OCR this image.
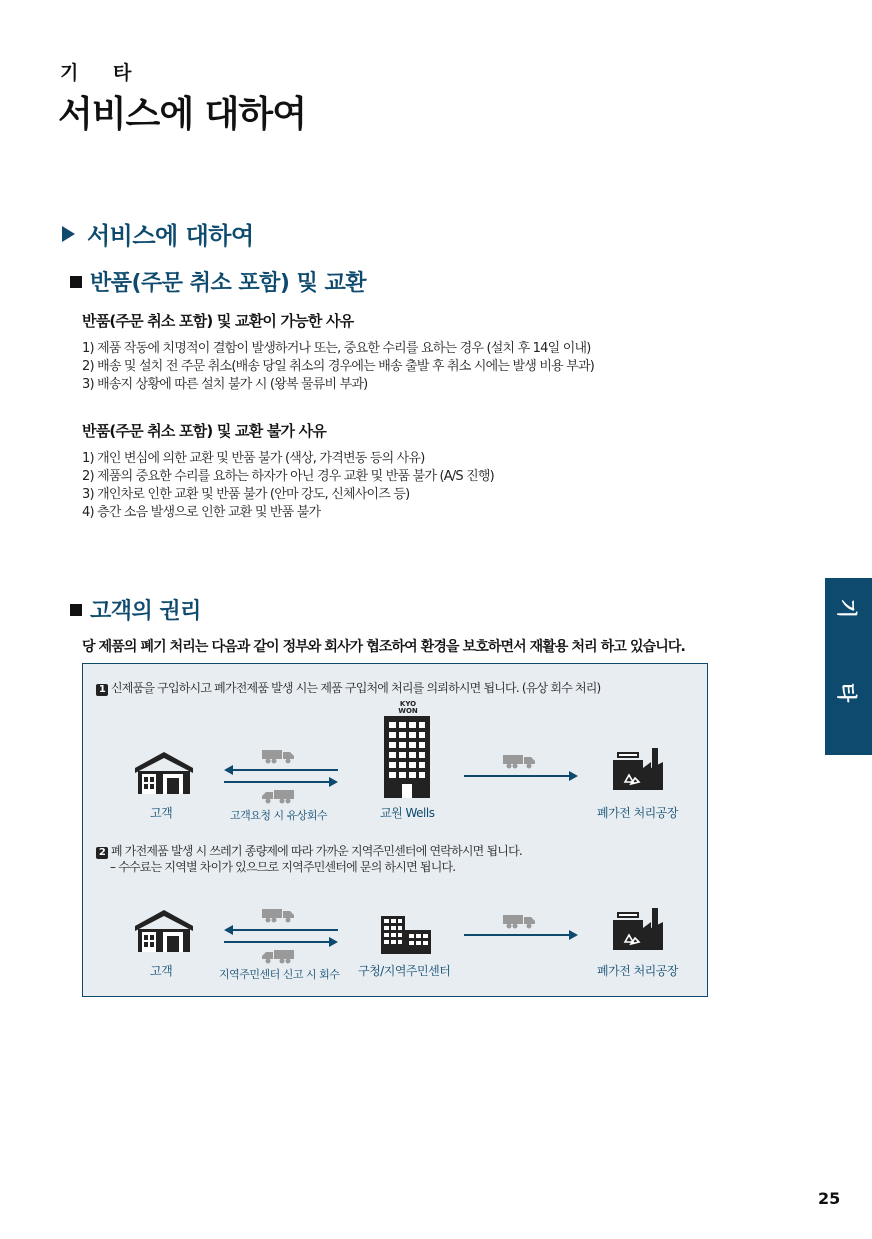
기 타
서비스에 대하여
서비스에 대하여
반품(주문 취소 포함) 및 교환
반품(주문 취소 포함) 및 교환이 가능한 사유
1) 제품 작동에 치명적이 결함이 발생하거나 또는, 중요한 수리를 요하는 경우 (설치 후 14일 이내)
2) 배송 및 설치 전 주문 취소(배송 당일 취소의 경우에는 배송 출발 후 취소 시에는 발생 비용 부과)
3) 배송지 상황에 따른 설치 불가 시 (왕복 물류비 부과)
반품(주문 취소 포함) 및 교환 불가 사유
1) 개인 변심에 의한 교환 및 반품 불가 (색상, 가격변동 등의 사유)
2) 제품의 중요한 수리를 요하는 하자가 아닌 경우 교환 및 반품 불가 (A/S 진행)
3) 개인차로 인한 교환 및 반품 불가 (안마 강도, 신체사이즈 등)
4) 층간 소음 발생으로 인한 교환 및 반품 불가
고객의 권리
당 제품의 폐기 처리는 다음과 같이 정부와 회사가 협조하여 환경을 보호하면서 재활용 처리 하고 있습니다.
1 신제품을 구입하시고 폐가전제품 발생 시는 제품 구입처에 처리를 의뢰하시면 됩니다. (유상 회수 처리)
고객	고객요청 시 유상회수
KYO WON
교원 Wells	폐가전 처리공장
2 폐 가전제품 발생 시 쓰레기 종량제에 따라 가까운 지역주민센터에 연락하시면 됩니다.
– 수수료는 지역별 차이가 있으므로 지역주민센터에 문의 하시면 됩니다.
고객	지역주민센터 신고 시 회수 구청/지역주민센터	폐가전 처리공장
기
타
25
